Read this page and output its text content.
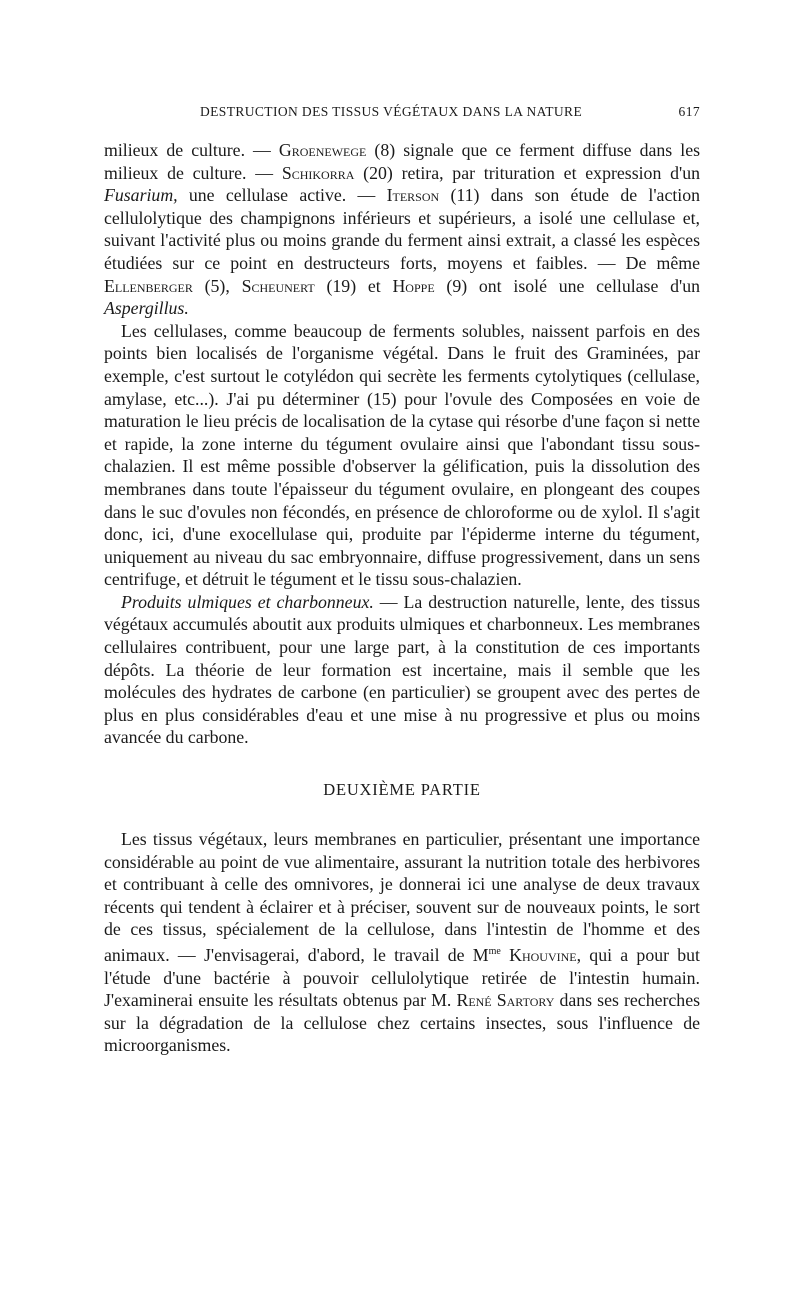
DESTRUCTION DES TISSUS VÉGÉTAUX DANS LA NATURE	617

milieux de culture. — Groenewege (8) signale que ce ferment diffuse dans les milieux de culture. — Schikorra (20) retira, par trituration et expression d'un Fusarium, une cellulase active. — Iterson (11) dans son étude de l'action cellulolytique des champignons inférieurs et supérieurs, a isolé une cellulase et, suivant l'activité plus ou moins grande du ferment ainsi extrait, a classé les espèces étudiées sur ce point en destructeurs forts, moyens et faibles. — De même Ellenberger (5), Scheunert (19) et Hoppe (9) ont isolé une cellulase d'un Aspergillus.

Les cellulases, comme beaucoup de ferments solubles, naissent parfois en des points bien localisés de l'organisme végétal. Dans le fruit des Graminées, par exemple, c'est surtout le cotylédon qui secrète les ferments cytolytiques (cellulase, amylase, etc...). J'ai pu déterminer (15) pour l'ovule des Composées en voie de maturation le lieu précis de localisation de la cytase qui résorbe d'une façon si nette et rapide, la zone interne du tégument ovulaire ainsi que l'abondant tissu sous-chalazien. Il est même possible d'observer la gélification, puis la dissolution des membranes dans toute l'épaisseur du tégument ovulaire, en plongeant des coupes dans le suc d'ovules non fécondés, en présence de chloroforme ou de xylol. Il s'agit donc, ici, d'une exocellulase qui, produite par l'épiderme interne du tégument, uniquement au niveau du sac embryonnaire, diffuse progressivement, dans un sens centrifuge, et détruit le tégument et le tissu sous-chalazien.

Produits ulmiques et charbonneux. — La destruction naturelle, lente, des tissus végétaux accumulés aboutit aux produits ulmiques et charbonneux. Les membranes cellulaires contribuent, pour une large part, à la constitution de ces importants dépôts. La théorie de leur formation est incertaine, mais il semble que les molécules des hydrates de carbone (en particulier) se groupent avec des pertes de plus en plus considérables d'eau et une mise à nu progressive et plus ou moins avancée du carbone.

DEUXIÈME PARTIE

Les tissus végétaux, leurs membranes en particulier, présentant une importance considérable au point de vue alimentaire, assurant la nutrition totale des herbivores et contribuant à celle des omnivores, je donnerai ici une analyse de deux travaux récents qui tendent à éclairer et à préciser, souvent sur de nouveaux points, le sort de ces tissus, spécialement de la cellulose, dans l'intestin de l'homme et des animaux. — J'envisagerai, d'abord, le travail de $M^{me}$ Khouvine, qui a pour but l'étude d'une bactérie à pouvoir cellulolytique retirée de l'intestin humain. J'examinerai ensuite les résultats obtenus par M. René Sartory dans ses recherches sur la dégradation de la cellulose chez certains insectes, sous l'influence de microorganismes.
